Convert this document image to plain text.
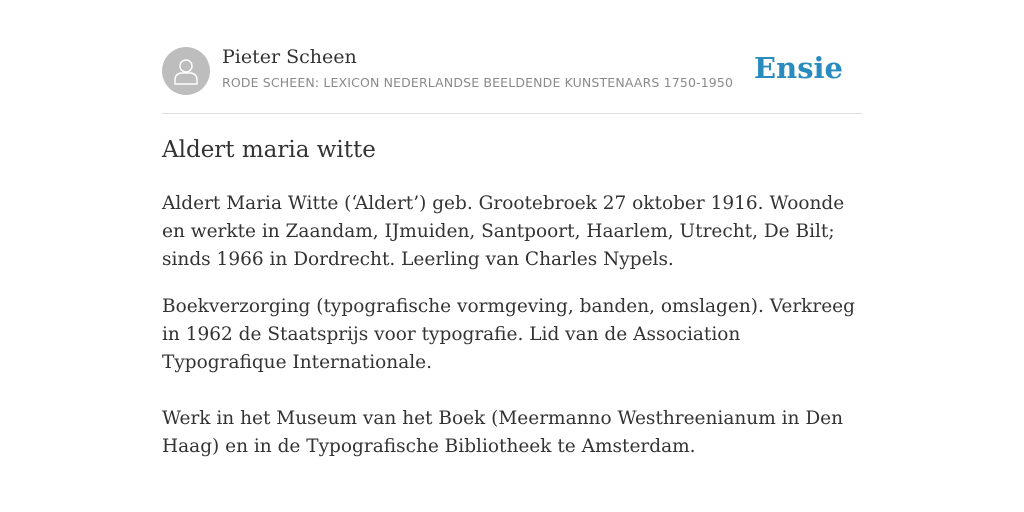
Pieter Scheen
RODE SCHEEN: LEXICON NEDERLANDSE BEELDENDE KUNSTENAARS 1750-1950 Ensie
Aldert maria witte

Aldert Maria Witte (‘Aldert’) geb. Grootebroek 27 oktober 1916. Woonde en werkte in Zaandam, IJmuiden, Santpoort, Haarlem, Utrecht, De Bilt; sinds 1966 in Dordrecht. Leerling van Charles Nypels.

Boekverzorging (typografische vormgeving, banden, omslagen). Verkreeg in 1962 de Staatsprijs voor typografie. Lid van de Association Typografique Internationale.

Werk in het Museum van het Boek (Meermanno Westhreenianum in Den Haag) en in de Typografische Bibliotheek te Amsterdam.
